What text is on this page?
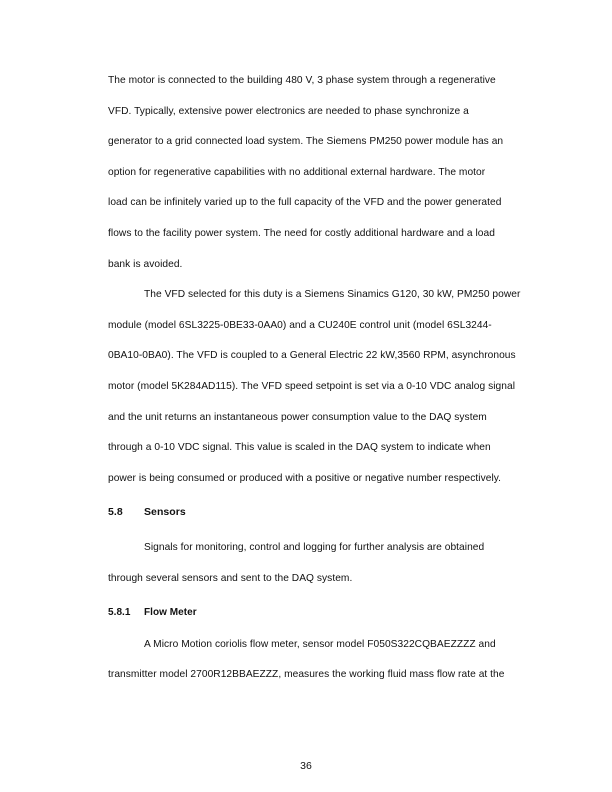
The motor is connected to the building 480 V, 3 phase system through a regenerative
VFD. Typically, extensive power electronics are needed to phase synchronize a
generator to a grid connected load system. The Siemens PM250 power module has an
option for regenerative capabilities with no additional external hardware. The motor
load can be infinitely varied up to the full capacity of the VFD and the power generated
flows to the facility power system. The need for costly additional hardware and a load
bank is avoided.

The VFD selected for this duty is a Siemens Sinamics G120, 30 kW, PM250 power
module (model 6SL3225-0BE33-0AA0) and a CU240E control unit (model 6SL3244-
0BA10-0BA0). The VFD is coupled to a General Electric 22 kW,3560 RPM, asynchronous
motor (model 5K284AD115). The VFD speed setpoint is set via a 0-10 VDC analog signal
and the unit returns an instantaneous power consumption value to the DAQ system
through a 0-10 VDC signal. This value is scaled in the DAQ system to indicate when
power is being consumed or produced with a positive or negative number respectively.

5.8 Sensors

Signals for monitoring, control and logging for further analysis are obtained
through several sensors and sent to the DAQ system.

5.8.1 Flow Meter

A Micro Motion coriolis flow meter, sensor model F050S322CQBAEZZZZ and
transmitter model 2700R12BBAEZZZ, measures the working fluid mass flow rate at the

36
